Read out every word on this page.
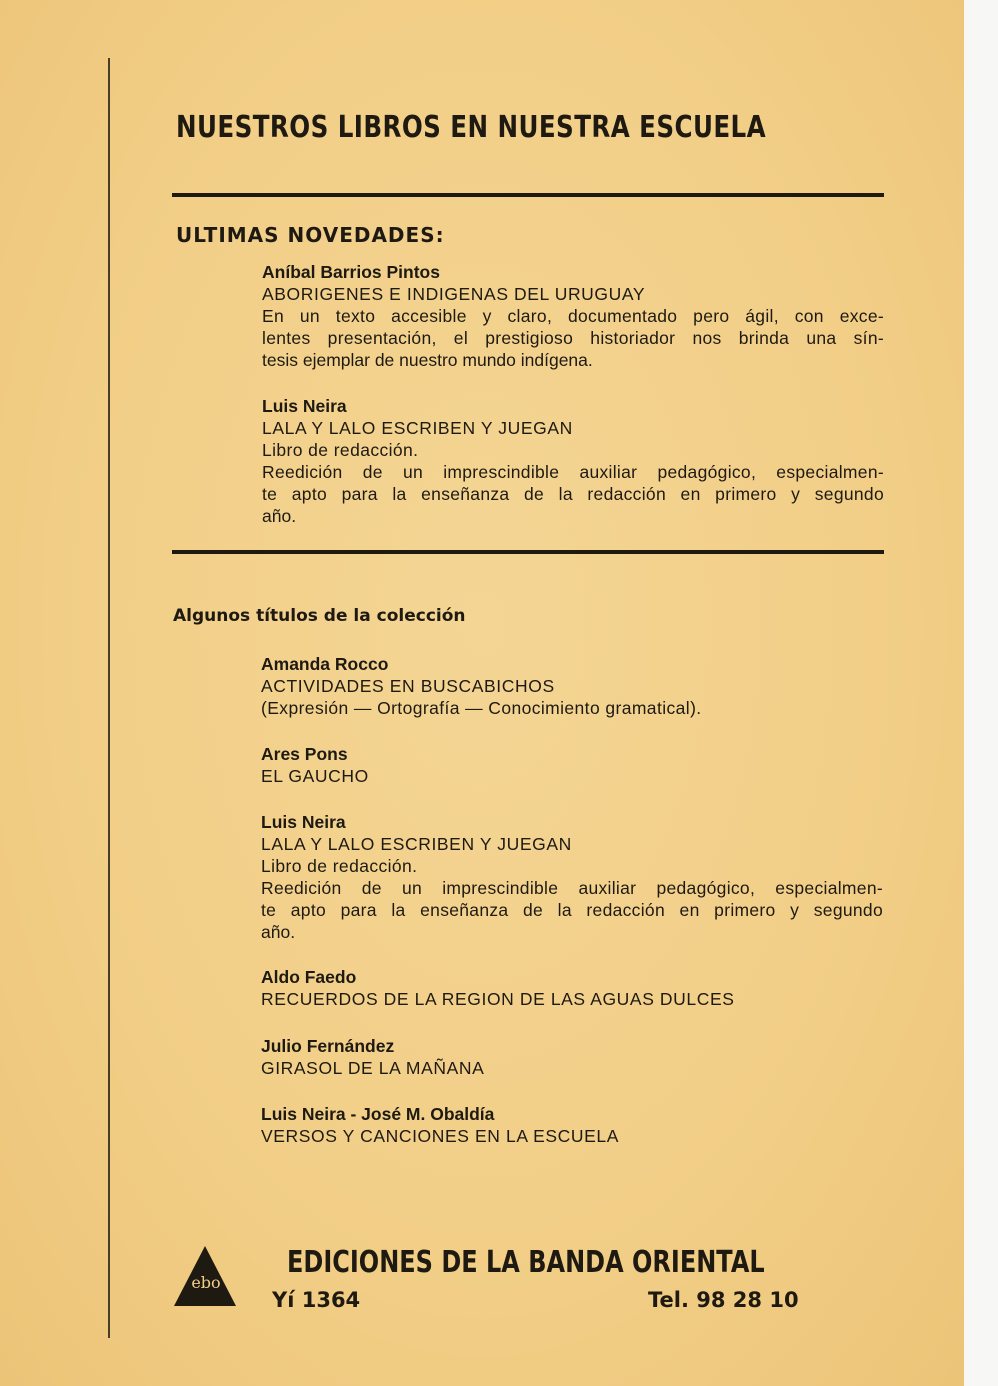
NUESTROS LIBROS EN NUESTRA ESCUELA
ULTIMAS NOVEDADES:
Aníbal Barrios Pintos
ABORIGENES E INDIGENAS DEL URUGUAY
En un texto accesible y claro, documentado pero ágil, con exce-
lentes presentación, el prestigioso historiador nos brinda una sín-
tesis ejemplar de nuestro mundo indígena.
Luis Neira
LALA Y LALO ESCRIBEN Y JUEGAN
Libro de redacción.
Reedición de un imprescindible auxiliar pedagógico, especialmen-
te apto para la enseñanza de la redacción en primero y segundo
año.
Algunos títulos de la colección
Amanda Rocco
ACTIVIDADES EN BUSCABICHOS
(Expresión — Ortografía — Conocimiento gramatical).
Ares Pons
EL GAUCHO
Luis Neira
LALA Y LALO ESCRIBEN Y JUEGAN
Libro de redacción.
Reedición de un imprescindible auxiliar pedagógico, especialmen-
te apto para la enseñanza de la redacción en primero y segundo
año.
Aldo Faedo
RECUERDOS DE LA REGION DE LAS AGUAS DULCES
Julio Fernández
GIRASOL DE LA MAÑANA
Luis Neira - José M. Obaldía
VERSOS Y CANCIONES EN LA ESCUELA
ebo
EDICIONES DE LA BANDA ORIENTAL

Yí 1364	Tel. 98 28 10
